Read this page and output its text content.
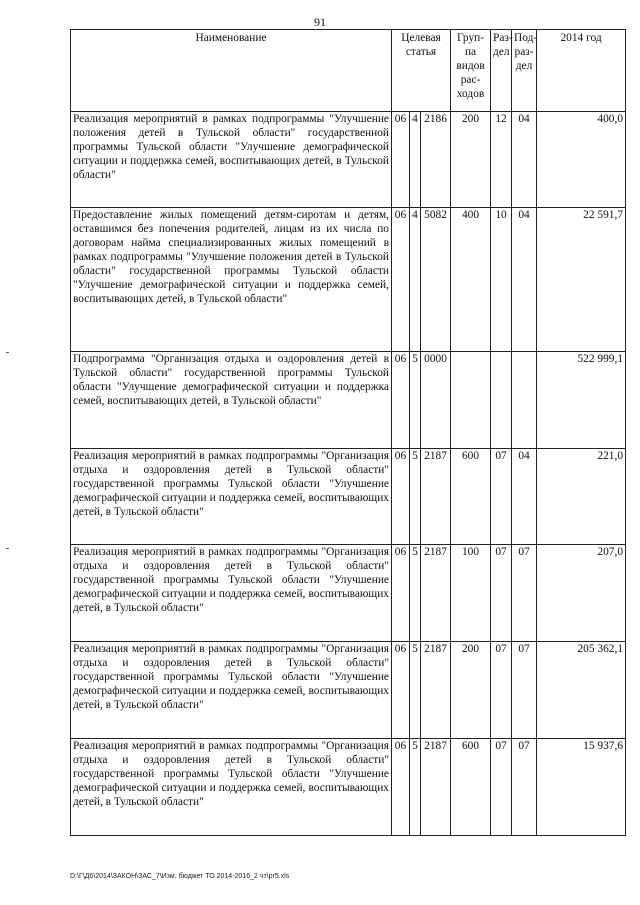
91
Наименование	Целевая статья			Груп-па видов рас-ходов	Раз-дел	Под-раз-дел	2014 год
Реализация мероприятий в рамках подпрограммы "Улучшение положения детей в Тульской области" государственной программы Тульской области "Улучшение демографической ситуации и поддержка семей, воспитывающих детей, в Тульской области"	06	4	2186	200	12	04	400,0
Предоставление жилых помещений детям-сиротам и детям, оставшимся без попечения родителей, лицам из их числа по договорам найма специализированных жилых помещений в рамках подпрограммы "Улучшение положения детей в Тульской области" государственной программы Тульской области "Улучшение демографической ситуации и поддержка семей, воспитывающих детей, в Тульской области"	06	4	5082	400	10	04	22 591,7
Подпрограмма "Организация отдыха и оздоровления детей в Тульской области" государственной программы Тульской области "Улучшение демографической ситуации и поддержка семей, воспитывающих детей, в Тульской области"	06	5	0000				522 999,1
Реализация мероприятий в рамках подпрограммы "Организация отдыха и оздоровления детей в Тульской области" государственной программы Тульской области "Улучшение демографической ситуации и поддержка семей, воспитывающих детей, в Тульской области"	06	5	2187	600	07	04	221,0
Реализация мероприятий в рамках подпрограммы "Организация отдыха и оздоровления детей в Тульской области" государственной программы Тульской области "Улучшение демографической ситуации и поддержка семей, воспитывающих детей, в Тульской области"	06	5	2187	100	07	07	207,0
Реализация мероприятий в рамках подпрограммы "Организация отдыха и оздоровления детей в Тульской области" государственной программы Тульской области "Улучшение демографической ситуации и поддержка семей, воспитывающих детей, в Тульской области"	06	5	2187	200	07	07	205 362,1
Реализация мероприятий в рамках подпрограммы "Организация отдыха и оздоровления детей в Тульской области" государственной программы Тульской области "Улучшение демографической ситуации и поддержка семей, воспитывающих детей, в Тульской области"	06	5	2187	600	07	07	15 937,6
D:\Г\Д6\2014\ЗАКОН\ЗАС_7\Изм. бюджет ТО 2014-2016_2 чт\pr5.xls
